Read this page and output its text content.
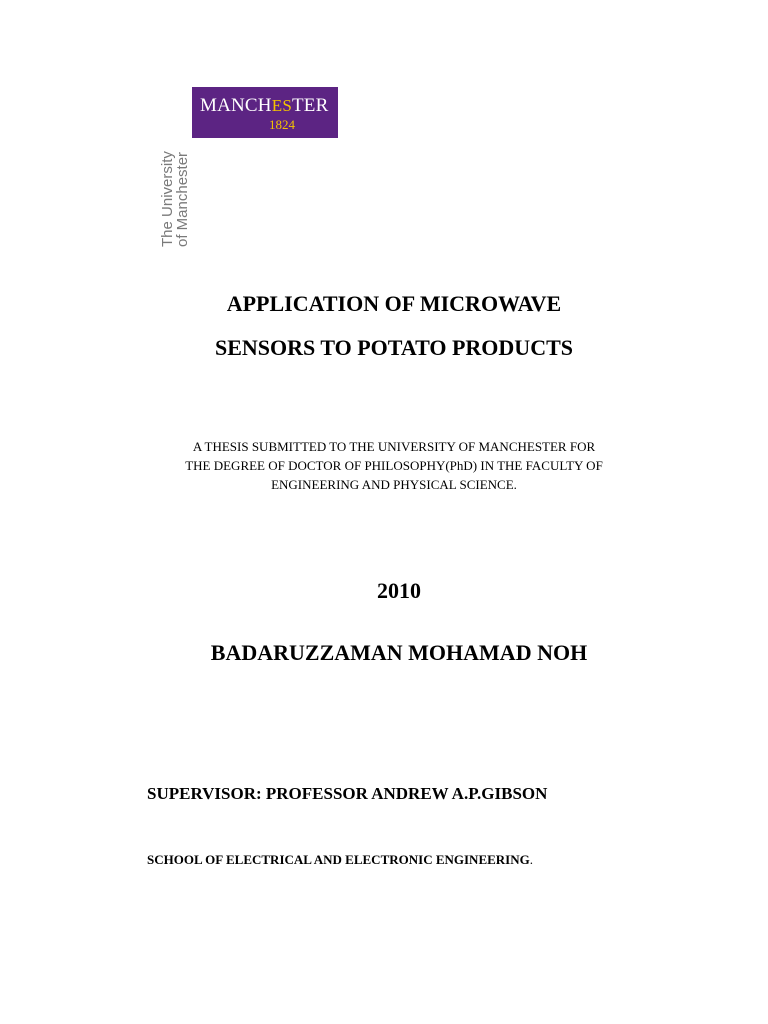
MANCHESTER
1824
The University
of Manchester
APPLICATION OF MICROWAVE
SENSORS TO POTATO PRODUCTS
A THESIS SUBMITTED TO THE UNIVERSITY OF MANCHESTER FOR
THE DEGREE OF DOCTOR OF PHILOSOPHY(PhD) IN THE FACULTY OF
ENGINEERING AND PHYSICAL SCIENCE.
2010
BADARUZZAMAN MOHAMAD NOH
SUPERVISOR: PROFESSOR ANDREW A.P.GIBSON
SCHOOL OF ELECTRICAL AND ELECTRONIC ENGINEERING.
